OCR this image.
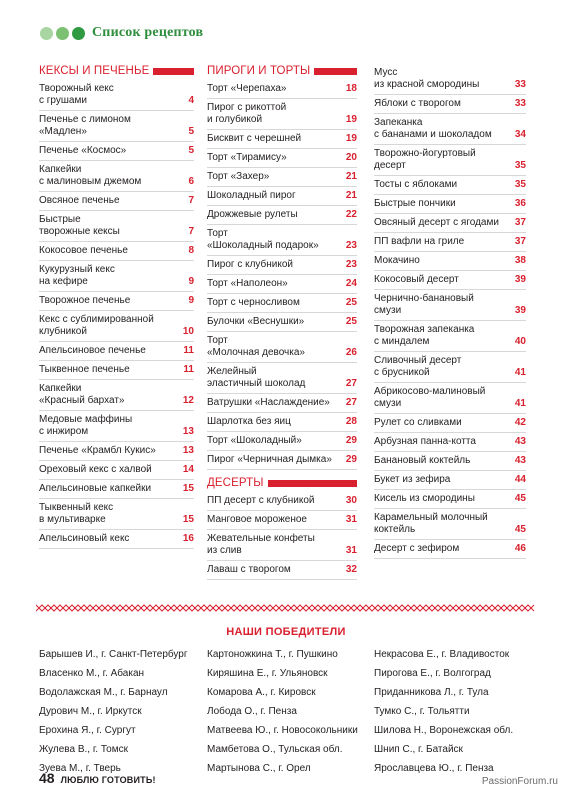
Список рецептов
КЕКСЫ И ПЕЧЕНЬЕ
Творожный кекс
с грушами	4
Печенье с лимоном
«Мадлен»	5
Печенье «Космос»	5
Капкейки
с малиновым джемом	6
Овсяное печенье	7
Быстрые
творожные кексы	7
Кокосовое печенье	8
Кукурузный кекс
на кефире	9
Творожное печенье	9
Кекс с сублимированной
клубникой	10
Апельсиновое печенье	11
Тыквенное печенье	11
Капкейки
«Красный бархат»	12
Медовые маффины
с инжиром	13
Печенье «Крамбл Кукис»	13
Ореховый кекс с халвой	14
Апельсиновые капкейки	15
Тыквенный кекс
в мультиварке	15
Апельсиновый кекс	16
ПИРОГИ И ТОРТЫ
Торт «Черепаха»	18
Пирог с рикоттой
и голубикой	19
Бисквит с черешней	19
Торт «Тирамису»	20
Торт «Захер»	21
Шоколадный пирог	21
Дрожжевые рулеты	22
Торт
«Шоколадный подарок»	23
Пирог с клубникой	23
Торт «Наполеон»	24
Торт с черносливом	25
Булочки «Веснушки»	25
Торт
«Молочная девочка»	26
Желейный
эластичный шоколад	27
Ватрушки «Наслаждение» 27
Шарлотка без яиц	28
Торт «Шоколадный»	29
Пирог «Черничная дымка» 29
ДЕСЕРТЫ
ПП десерт с клубникой	30
Манговое мороженое	31
Жевательные конфеты
из слив	31
Лаваш с творогом	32
Мусс
из красной смородины	33
Яблоки с творогом	33
Запеканка
с бананами и шоколадом 34
Творожно-йогуртовый
десерт	35
Тосты с яблоками	35
Быстрые пончики	36
Овсяный десерт с ягодами 37
ПП вафли на гриле	37
Мокачино	38
Кокосовый десерт	39
Чернично-банановый
смузи	39
Творожная запеканка
с миндалем	40
Сливочный десерт
с брусникой	41
Абрикосово-малиновый
смузи	41
Рулет со сливками	42
Арбузная панна-котта	43
Банановый коктейль	43
Букет из зефира	44
Кисель из смородины	45
Карамельный молочный
коктейль	45
Десерт с зефиром	46
НАШИ ПОБЕДИТЕЛИ
Барышев И., г. Санкт-Петербург
Власенко М., г. Абакан
Водолажская М., г. Барнаул
Дурович М., г. Иркутск
Ерохина Я., г. Сургут
Жулева В., г. Томск
Зуева М., г. Тверь
Картоножкина Т., г. Пушкино
Киряшина Е., г. Ульяновск
Комарова А., г. Кировск
Лобода О., г. Пенза
Матвеева Ю., г. Новосокольники
Мамбетова О., Тульская обл.
Мартынова С., г. Орел
Некрасова Е., г. Владивосток
Пирогова Е., г. Волгоград
Приданникова Л., г. Тула
Тумко С., г. Тольятти
Шилова Н., Воронежская обл.
Шнип С., г. Батайск
Ярославцева Ю., г. Пенза
48 ЛЮБЛЮ ГОТОВИТЬ!	PassionForum.ru
